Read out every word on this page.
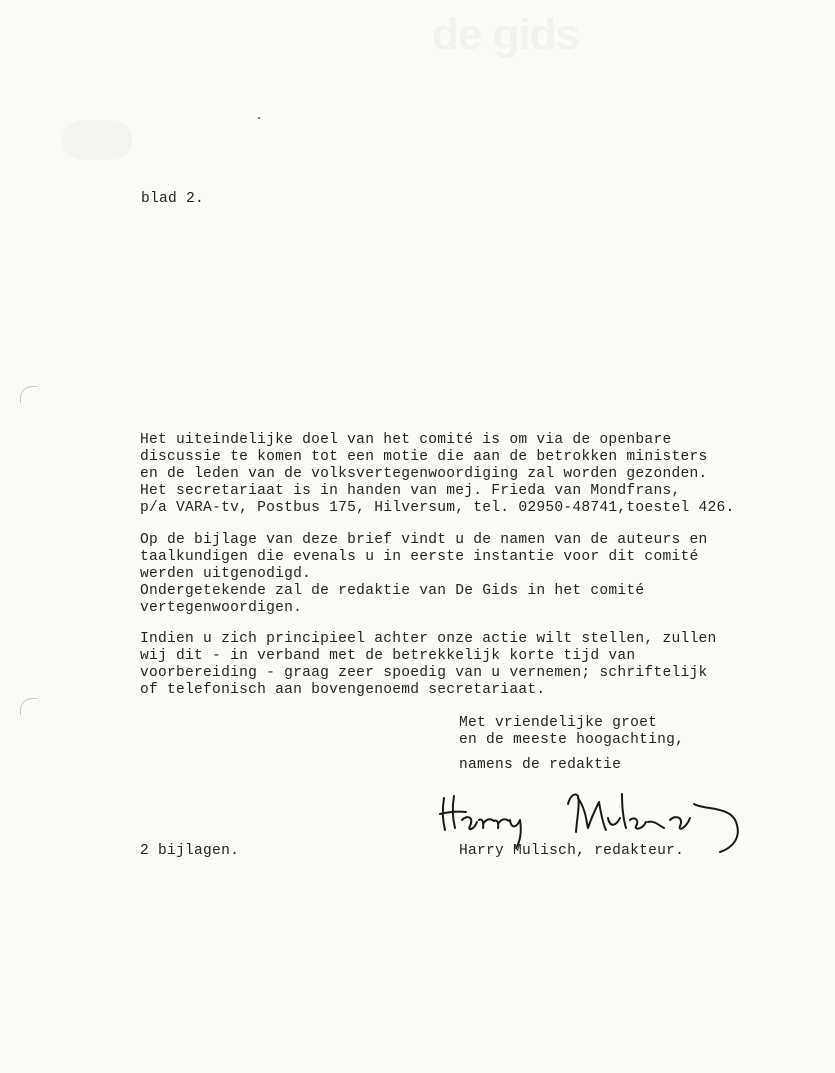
de gids
blad 2.
Het uiteindelijke doel van het comité is om via de openbare
discussie te komen tot een motie die aan de betrokken ministers
en de leden van de volksvertegenwoordiging zal worden gezonden.
Het secretariaat is in handen van mej. Frieda van Mondfrans,
p/a VARA-tv, Postbus 175, Hilversum, tel. 02950-48741,toestel 426.
Op de bijlage van deze brief vindt u de namen van de auteurs en
taalkundigen die evenals u in eerste instantie voor dit comité
werden uitgenodigd.
Ondergetekende zal de redaktie van De Gids in het comité
vertegenwoordigen.
Indien u zich principieel achter onze actie wilt stellen, zullen
wij dit - in verband met de betrekkelijk korte tijd van
voorbereiding - graag zeer spoedig van u vernemen; schriftelijk
of telefonisch aan bovengenoemd secretariaat.
Met vriendelijke groet
en de meeste hoogachting,
namens de redaktie
2 bijlagen.	Harry Mulisch, redakteur.
